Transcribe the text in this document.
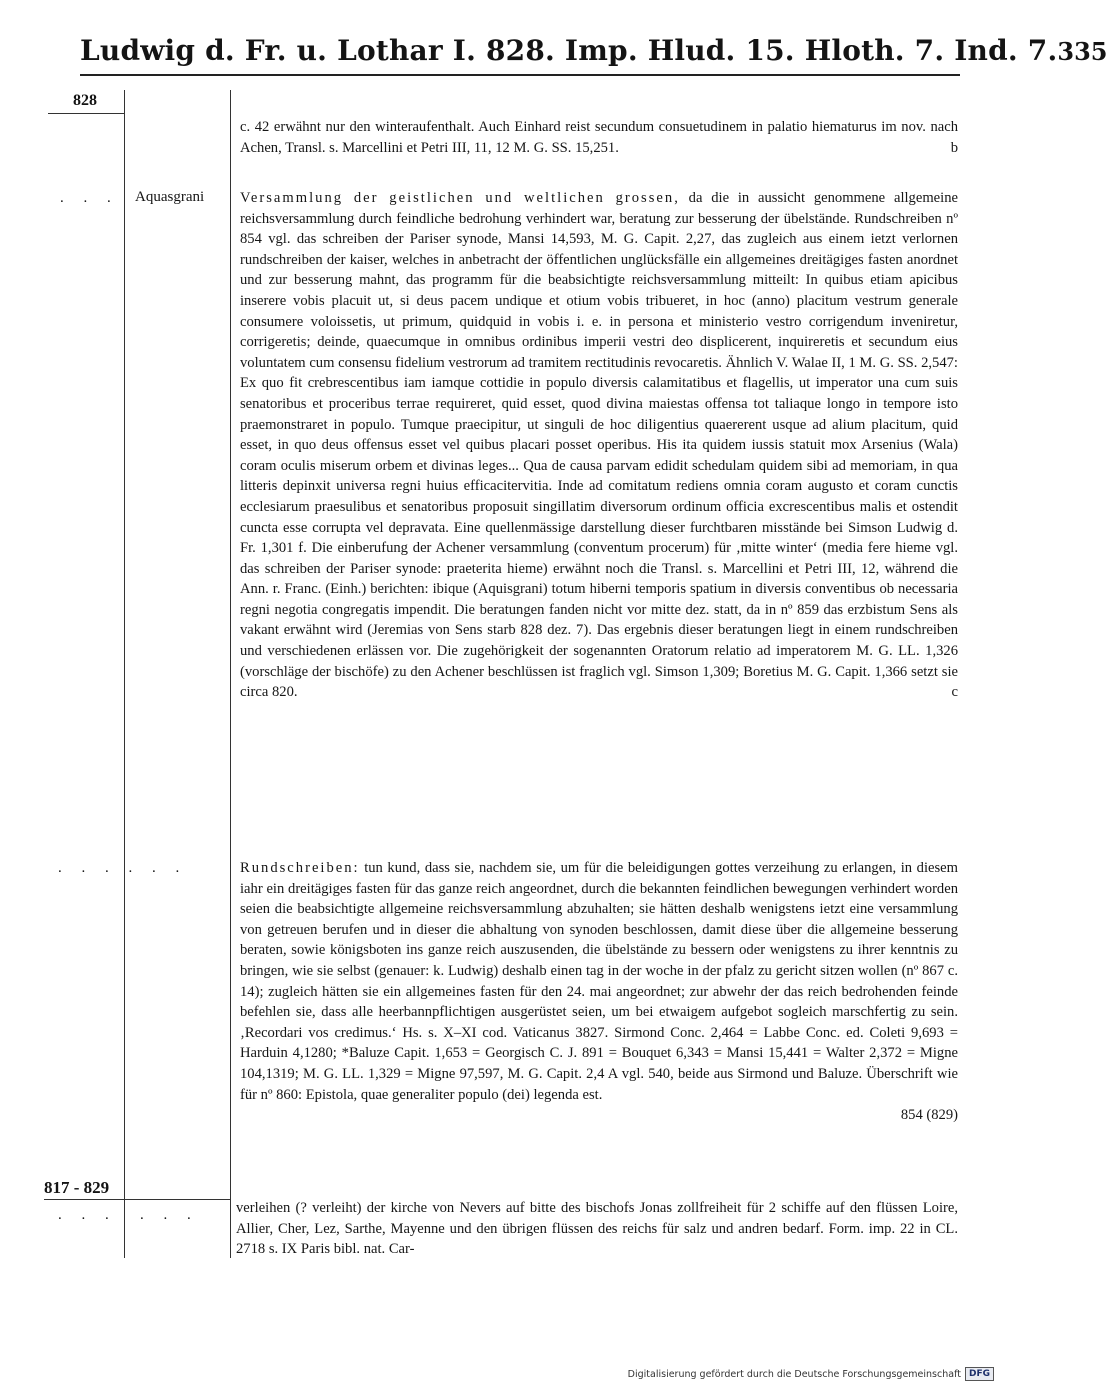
Ludwig d. Fr. u. Lothar I. 828. Imp. Hlud. 15. Hloth. 7. Ind. 7. 335
828
c. 42 erwähnt nur den winteraufenthalt. Auch Einhard reist secundum consuetudinem in palatio hiematurus im nov. nach Achen, Transl. s. Marcellini et Petri III, 11, 12 M. G. SS. 15,251.	b
. . . Aquasgrani Versammlung der geistlichen und weltlichen grossen, da die in aussicht genommene allgemeine reichsversammlung durch feindliche bedrohung verhindert war, beratung zur besserung der übelstände. Rundschreiben nº 854 vgl. das schreiben der Pariser synode, Mansi 14,593, M. G. Capit. 2,27, das zugleich aus einem ietzt verlornen rundschreiben der kaiser, welches in anbetracht der öffentlichen unglücksfälle ein allgemeines dreitägiges fasten anordnet und zur besserung mahnt, das programm für die beabsichtigte reichsversammlung mitteilt: In quibus etiam apicibus inserere vobis placuit ut, si deus pacem undique et otium vobis tribueret, in hoc (anno) placitum vestrum generale consumere voloissetis, ut primum, quidquid in vobis i. e. in persona et ministerio vestro corrigendum inveniretur, corrigeretis; deinde, quaecumque in omnibus ordinibus imperii vestri deo displicerent, inquireretis et secundum eius voluntatem cum consensu fidelium vestrorum ad tramitem rectitudinis revocaretis. Ähnlich V. Walae II, 1 M. G. SS. 2,547: Ex quo fit crebrescentibus iam iamque cottidie in populo diversis calamitatibus et flagellis, ut imperator una cum suis senatoribus et proceribus terrae requireret, quid esset, quod divina maiestas offensa tot taliaque longo in tempore isto praemonstraret in populo. Tumque praecipitur, ut singuli de hoc diligentius quaererent usque ad alium placitum, quid esset, in quo deus offensus esset vel quibus placari posset operibus. His ita quidem iussis statuit mox Arsenius (Wala) coram oculis miserum orbem et divinas leges... Qua de causa parvam edidit schedulam quidem sibi ad memoriam, in qua litteris depinxit universa regni huius efficacitervitia. Inde ad comitatum rediens omnia coram augusto et coram cunctis ecclesiarum praesulibus et senatoribus proposuit singillatim diversorum ordinum officia excrescentibus malis et ostendit cuncta esse corrupta vel depravata. Eine quellenmässige darstellung dieser furchtbaren misstände bei Simson Ludwig d. Fr. 1,301 f. Die einberufung der Achener versammlung (conventum procerum) für ‚mitte winter‘ (media fere hieme vgl. das schreiben der Pariser synode: praeterita hieme) erwähnt noch die Transl. s. Marcellini et Petri III, 12, während die Ann. r. Franc. (Einh.) berichten: ibique (Aquisgrani) totum hiberni temporis spatium in diversis conventibus ob necessaria regni negotia congregatis impendit. Die beratungen fanden nicht vor mitte dez. statt, da in nº 859 das erzbistum Sens als vakant erwähnt wird (Jeremias von Sens starb 828 dez. 7). Das ergebnis dieser beratungen liegt in einem rundschreiben und verschiedenen erlässen vor. Die zugehörigkeit der sogenannten Oratorum relatio ad imperatorem M. G. LL. 1,326 (vorschläge der bischöfe) zu den Achener beschlüssen ist fraglich vgl. Simson 1,309; Boretius M. G. Capit. 1,366 setzt sie circa 820.	c
. . . . . .	Rundschreiben: tun kund, dass sie, nachdem sie, um für die beleidigungen gottes verzeihung zu erlangen, in diesem iahr ein dreitägiges fasten für das ganze reich angeordnet, durch die bekannten feindlichen bewegungen verhindert worden seien die beabsichtigte allgemeine reichsversammlung abzuhalten; sie hätten deshalb wenigstens ietzt eine versammlung von getreuen berufen und in dieser die abhaltung von synoden beschlossen, damit diese über die allgemeine besserung beraten, sowie königsboten ins ganze reich auszusenden, die übelstände zu bessern oder wenigstens zu ihrer kenntnis zu bringen, wie sie selbst (genauer: k. Ludwig) deshalb einen tag in der woche in der pfalz zu gericht sitzen wollen (nº 867 c. 14); zugleich hätten sie ein allgemeines fasten für den 24. mai angeordnet; zur abwehr der das reich bedrohenden feinde befehlen sie, dass alle heerbannpflichtigen ausgerüstet seien, um bei etwaigem aufgebot sogleich marschfertig zu sein. ‚Recordari vos credimus.‘ Hs. s. X–XI cod. Vaticanus 3827. Sirmond Conc. 2,464 = Labbe Conc. ed. Coleti 9,693 = Harduin 4,1280; *Baluze Capit. 1,653 = Georgisch C. J. 891 = Bouquet 6,343 = Mansi 15,441 = Walter 2,372 = Migne 104,1319; M. G. LL. 1,329 = Migne 97,597, M. G. Capit. 2,4 A vgl. 540, beide aus Sirmond und Baluze. Überschrift wie für nº 860: Epistola, quae generaliter populo (dei) legenda est.
854 (829)
817 - 829
. . . . . .	verleihen (? verleiht) der kirche von Nevers auf bitte des bischofs Jonas zollfreiheit für 2 schiffe auf den flüssen Loire, Allier, Cher, Lez, Sarthe, Mayenne und den übrigen flüssen des reichs für salz und andren bedarf. Form. imp. 22 in CL. 2718 s. IX Paris bibl. nat. Car-
Digitalisierung gefördert durch die Deutsche Forschungsgemeinschaft DFG
